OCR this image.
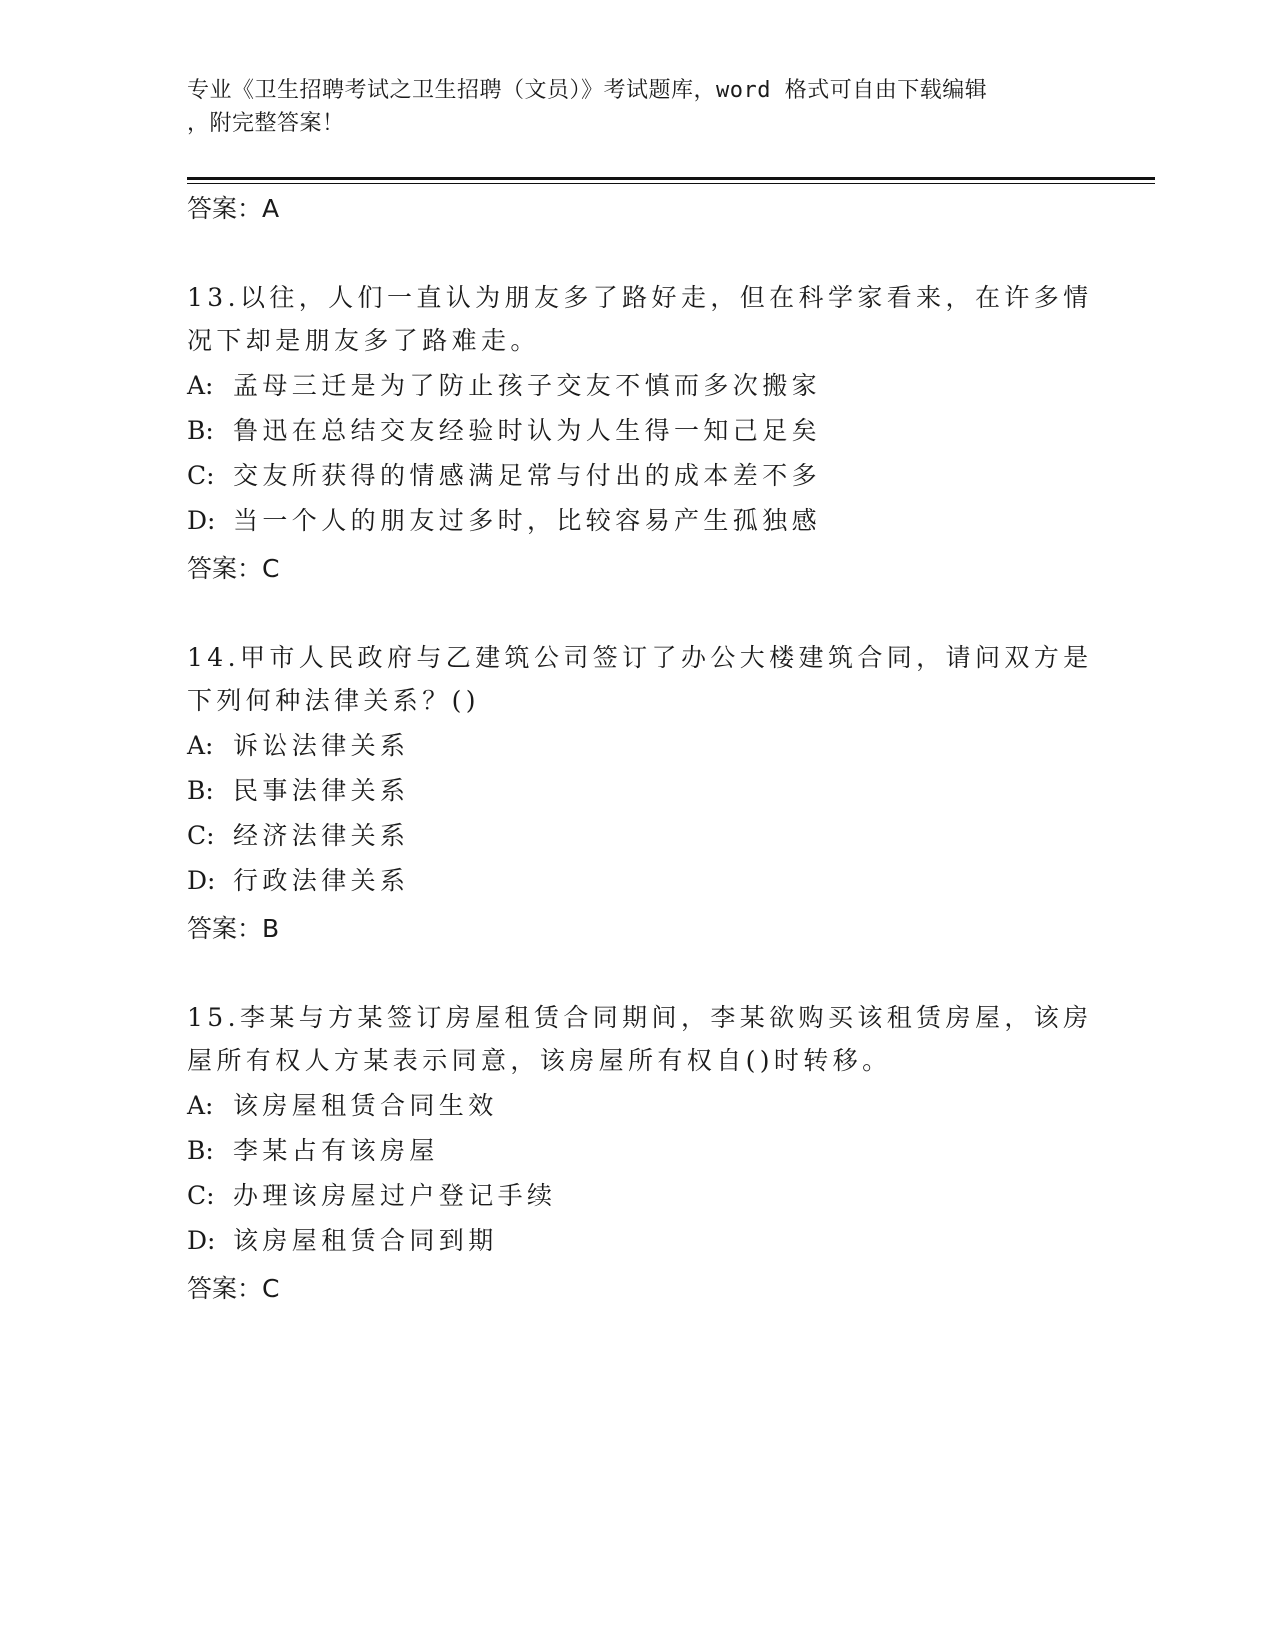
专业《卫生招聘考试之卫生招聘（文员）》考试题库，word 格式可自由下载编辑
，附完整答案！
答案：A
13.以往，人们一直认为朋友多了路好走，但在科学家看来，在许多情
况下却是朋友多了路难走。
A: 孟母三迁是为了防止孩子交友不慎而多次搬家
B: 鲁迅在总结交友经验时认为人生得一知己足矣
C: 交友所获得的情感满足常与付出的成本差不多
D: 当一个人的朋友过多时，比较容易产生孤独感
答案：C
14.甲市人民政府与乙建筑公司签订了办公大楼建筑合同，请问双方是
下列何种法律关系？()
A: 诉讼法律关系
B: 民事法律关系
C: 经济法律关系
D: 行政法律关系
答案：B
15.李某与方某签订房屋租赁合同期间，李某欲购买该租赁房屋，该房
屋所有权人方某表示同意，该房屋所有权自()时转移。
A: 该房屋租赁合同生效
B: 李某占有该房屋
C: 办理该房屋过户登记手续
D: 该房屋租赁合同到期
答案：C
